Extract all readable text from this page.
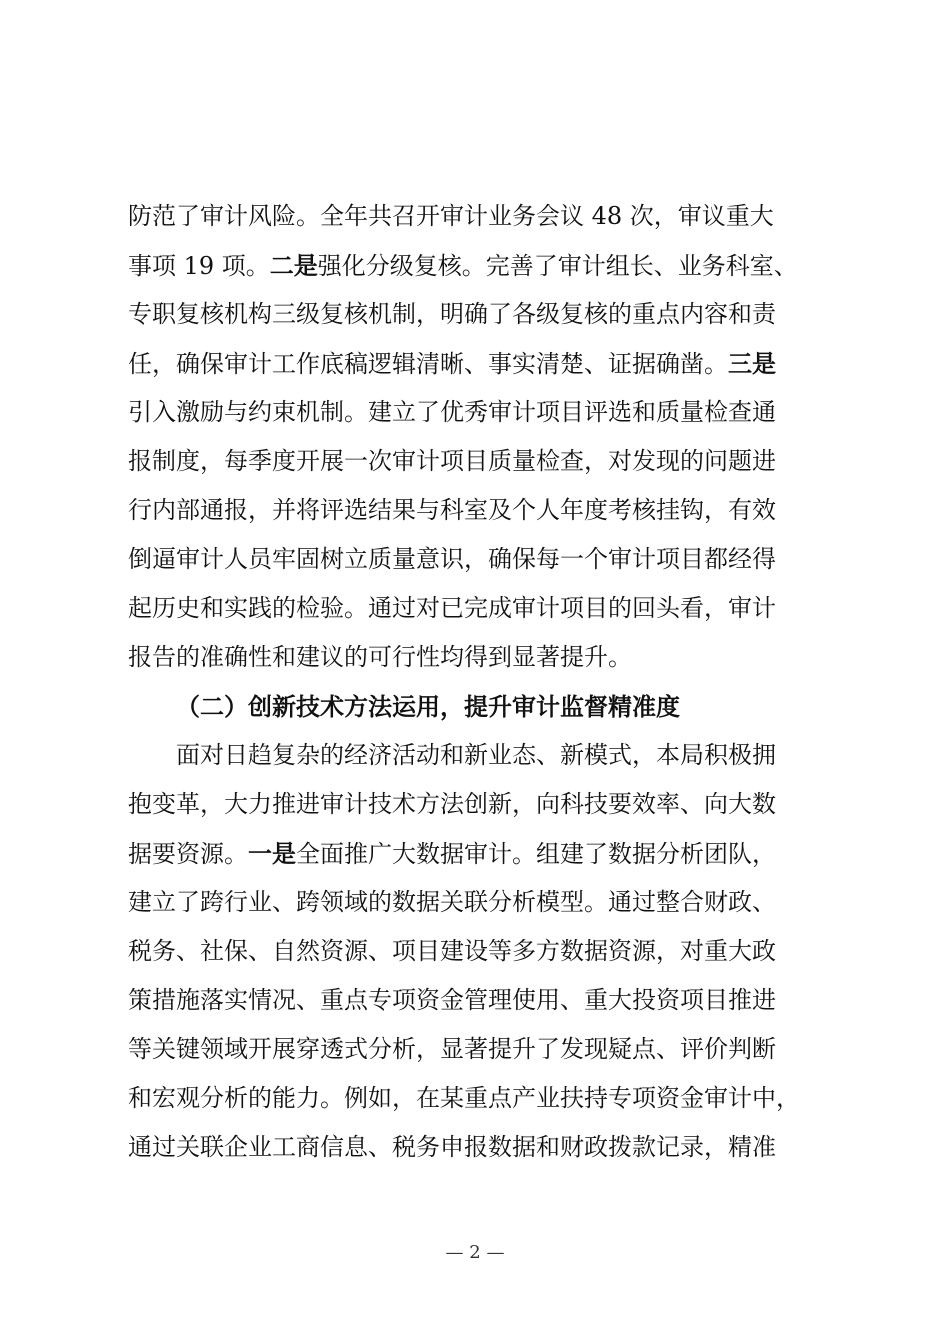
防范了审计风险。全年共召开审计业务会议 48 次，审议重大
事项 19 项。二是强化分级复核。完善了审计组长、业务科室、
专职复核机构三级复核机制，明确了各级复核的重点内容和责
任，确保审计工作底稿逻辑清晰、事实清楚、证据确凿。三是
引入激励与约束机制。建立了优秀审计项目评选和质量检查通
报制度，每季度开展一次审计项目质量检查，对发现的问题进
行内部通报，并将评选结果与科室及个人年度考核挂钩，有效
倒逼审计人员牢固树立质量意识，确保每一个审计项目都经得
起历史和实践的检验。通过对已完成审计项目的回头看，审计
报告的准确性和建议的可行性均得到显著提升。
（二）创新技术方法运用，提升审计监督精准度
面对日趋复杂的经济活动和新业态、新模式，本局积极拥
抱变革，大力推进审计技术方法创新，向科技要效率、向大数
据要资源。一是全面推广大数据审计。组建了数据分析团队，
建立了跨行业、跨领域的数据关联分析模型。通过整合财政、
税务、社保、自然资源、项目建设等多方数据资源，对重大政
策措施落实情况、重点专项资金管理使用、重大投资项目推进
等关键领域开展穿透式分析，显著提升了发现疑点、评价判断
和宏观分析的能力。例如，在某重点产业扶持专项资金审计中，
通过关联企业工商信息、税务申报数据和财政拨款记录，精准
— 2 —
